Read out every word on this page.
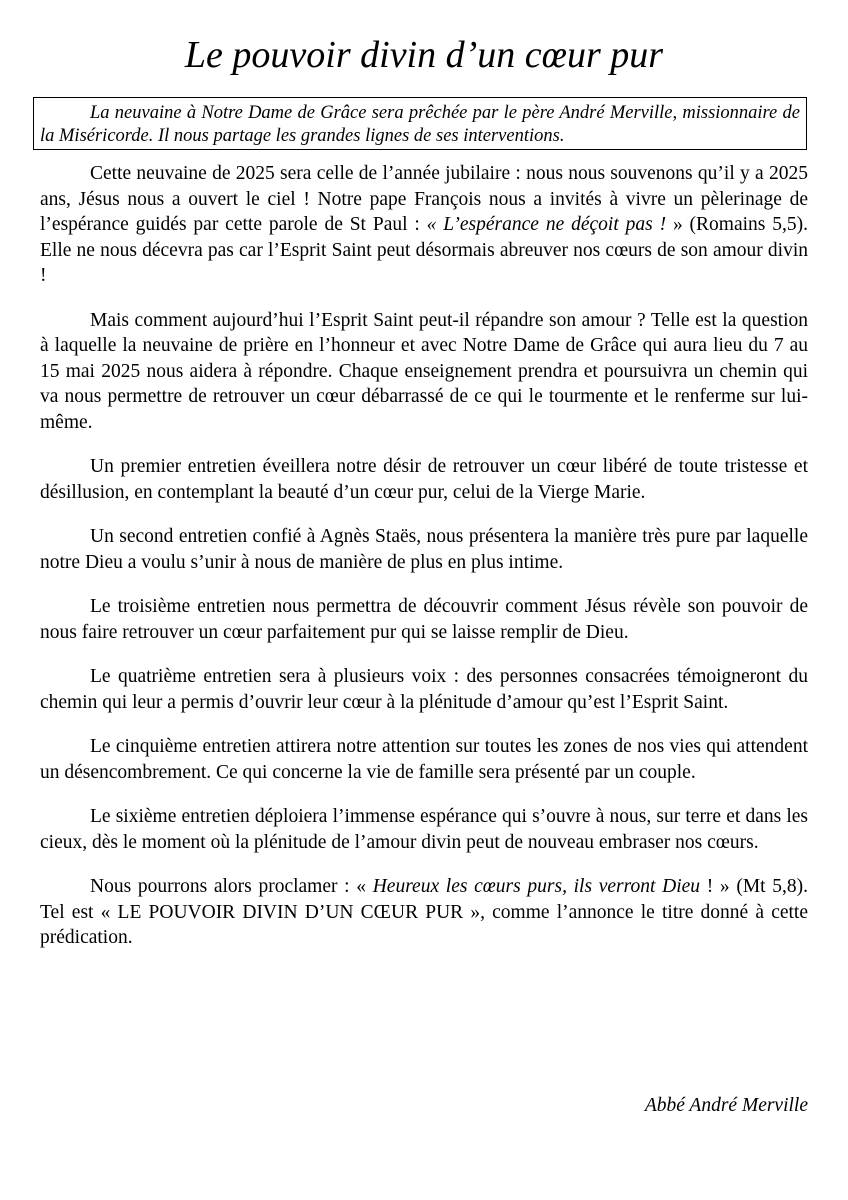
Le pouvoir divin d’un cœur pur
La neuvaine à Notre Dame de Grâce sera prêchée par le père André Merville, missionnaire de la Miséricorde. Il nous partage les grandes lignes de ses interventions.

Cette neuvaine de 2025 sera celle de l’année jubilaire : nous nous souvenons qu’il y a 2025 ans, Jésus nous a ouvert le ciel ! Notre pape François nous a invités à vivre un pèlerinage de l’espérance guidés par cette parole de St Paul : « L’espérance ne déçoit pas ! » (Romains 5,5). Elle ne nous décevra pas car l’Esprit Saint peut désormais abreuver nos cœurs de son amour divin !

Mais comment aujourd’hui l’Esprit Saint peut-il répandre son amour ? Telle est la question à laquelle la neuvaine de prière en l’honneur et avec Notre Dame de Grâce qui aura lieu du 7 au 15 mai 2025 nous aidera à répondre. Chaque enseignement prendra et poursuivra un chemin qui va nous permettre de retrouver un cœur débarrassé de ce qui le tourmente et le renferme sur lui-même.

Un premier entretien éveillera notre désir de retrouver un cœur libéré de toute tristesse et désillusion, en contemplant la beauté d’un cœur pur, celui de la Vierge Marie.

Un second entretien confié à Agnès Staës, nous présentera la manière très pure par laquelle notre Dieu a voulu s’unir à nous de manière de plus en plus intime.

Le troisième entretien nous permettra de découvrir comment Jésus révèle son pouvoir de nous faire retrouver un cœur parfaitement pur qui se laisse remplir de Dieu.

Le quatrième entretien sera à plusieurs voix : des personnes consacrées témoigneront du chemin qui leur a permis d’ouvrir leur cœur à la plénitude d’amour qu’est l’Esprit Saint.

Le cinquième entretien attirera notre attention sur toutes les zones de nos vies qui attendent un désencombrement. Ce qui concerne la vie de famille sera présenté par un couple.

Le sixième entretien déploiera l’immense espérance qui s’ouvre à nous, sur terre et dans les cieux, dès le moment où la plénitude de l’amour divin peut de nouveau embraser nos cœurs.

Nous pourrons alors proclamer : « Heureux les cœurs purs, ils verront Dieu ! » (Mt 5,8). Tel est « LE POUVOIR DIVIN D’UN CŒUR PUR », comme l’annonce le titre donné à cette prédication.

Abbé André Merville
